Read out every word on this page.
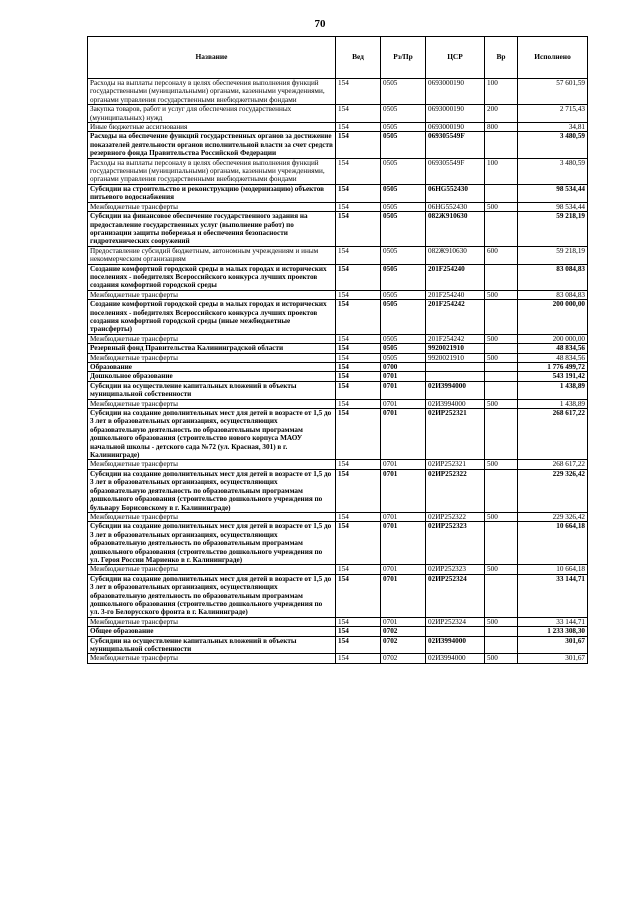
70
Название	Вед	Рз/Пр	ЦСР	Вр	Исполнено
Расходы на выплаты персоналу в целях обеспечения выполнения функций государственными (муниципальными) органами, казенными учреждениями, органами управления государственными внебюджетными фондами	154	0505	0693000190	100	57 601,59
Закупка товаров, работ и услуг для обеспечения государственных (муниципальных) нужд	154	0505	0693000190	200	2 715,43
Иные бюджетные ассигнования	154	0505	0693000190	800	34,81
Расходы на обеспечение функций государственных органов за достижение показателей деятельности органов исполнительной власти за счет средств резервного фонда Правительства Российской Федерации	154	0505	069305549F		3 480,59
Расходы на выплаты персоналу в целях обеспечения выполнения функций государственными (муниципальными) органами, казенными учреждениями, органами управления государственными внебюджетными фондами	154	0505	069305549F	100	3 480,59
Субсидии на строительство и реконструкцию (модернизацию) объектов питьевого водоснабжения	154	0505	06НG552430		98 534,44
Межбюджетные трансферты	154	0505	06НG552430	500	98 534,44
Субсидии на финансовое обеспечение государственного задания на предоставление государственных услуг (выполнение работ) по организации защиты побережья и обеспечения безопасности гидротехнических сооружений	154	0505	082Ж910630		59 218,19
Предоставление субсидий бюджетным, автономным учреждениям и иным некоммерческим организациям	154	0505	082Ж910630	600	59 218,19
Создание комфортной городской среды в малых городах и исторических поселениях - победителях Всероссийского конкурса лучших проектов создания комфортной городской среды	154	0505	201F254240		83 084,83
Межбюджетные трансферты	154	0505	201F254240	500	83 084,83
Создание комфортной городской среды в малых городах и исторических поселениях - победителях Всероссийского конкурса лучших проектов создания комфортной городской среды (иные межбюджетные трансферты)	154	0505	201F254242		200 000,00
Межбюджетные трансферты	154	0505	201F254242	500	200 000,00
Резервный фонд Правительства Калининградской области	154	0505	9920021910		48 834,56
Межбюджетные трансферты	154	0505	9920021910	500	48 834,56
Образование	154	0700			1 776 499,72
Дошкольное образование	154	0701			543 191,42
Субсидии на осуществление капитальных вложений в объекты муниципальной собственности	154	0701	02И3994000		1 438,89
Межбюджетные трансферты	154	0701	02И3994000	500	1 438,89
Субсидии на создание дополнительных мест для детей в возрасте от 1,5 до 3 лет в образовательных организациях, осуществляющих образовательную деятельность по образовательным программам дошкольного образования (строительство нового корпуса МАОУ начальной школы - детского сада №72 (ул. Красная, 301) в г. Калининграде)	154	0701	02ИР252321		268 617,22
Межбюджетные трансферты	154	0701	02ИР252321	500	268 617,22
Субсидии на создание дополнительных мест для детей в возрасте от 1,5 до 3 лет в образовательных организациях, осуществляющих образовательную деятельность по образовательным программам дошкольного образования (строительство дошкольного учреждения по бульвару Борисовскому в г. Калининграде)	154	0701	02ИР252322		229 326,42
Межбюджетные трансферты	154	0701	02ИР252322	500	229 326,42
Субсидии на создание дополнительных мест для детей в возрасте от 1,5 до 3 лет в образовательных организациях, осуществляющих образовательную деятельность по образовательным программам дошкольного образования (строительство дошкольного учреждения по ул. Героя России Мариенко в г. Калининграде)	154	0701	02ИР252323		10 664,18
Межбюджетные трансферты	154	0701	02ИР252323	500	10 664,18
Субсидии на создание дополнительных мест для детей в возрасте от 1,5 до 3 лет в образовательных организациях, осуществляющих образовательную деятельность по образовательным программам дошкольного образования (строительство дошкольного учреждения по ул. 3-го Белорусского фронта в г. Калининграде)	154	0701	02ИР252324		33 144,71
Межбюджетные трансферты	154	0701	02ИР252324	500	33 144,71
Общее образование	154	0702			1 233 308,30
Субсидии на осуществление капитальных вложений в объекты муниципальной собственности	154	0702	02И3994000		301,67
Межбюджетные трансферты	154	0702	02И3994000	500	301,67
